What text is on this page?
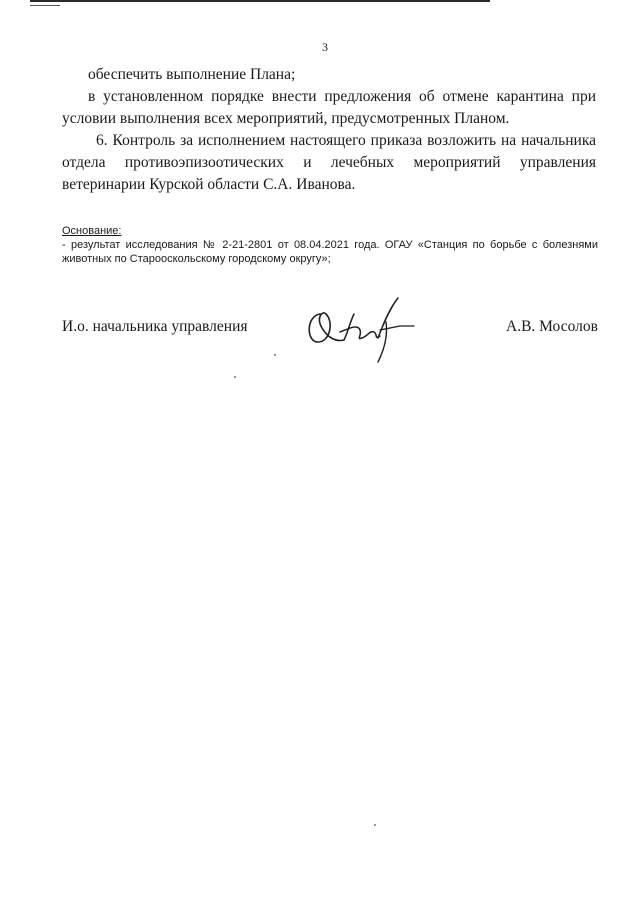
3

обеспечить выполнение Плана;

в установленном порядке внести предложения об отмене карантина при условии выполнения всех мероприятий, предусмотренных Планом.

6. Контроль за исполнением настоящего приказа возложить на начальника отдела противоэпизоотических и лечебных мероприятий управления ветеринарии Курской области С.А. Иванова.

Основание:

- результат исследования № 2-21-2801 от 08.04.2021 года. ОГАУ «Станция по борьбе с болезнями животных по Старооскольскому городскому округу»;

И.о. начальника управления	А.В. Мосолов
